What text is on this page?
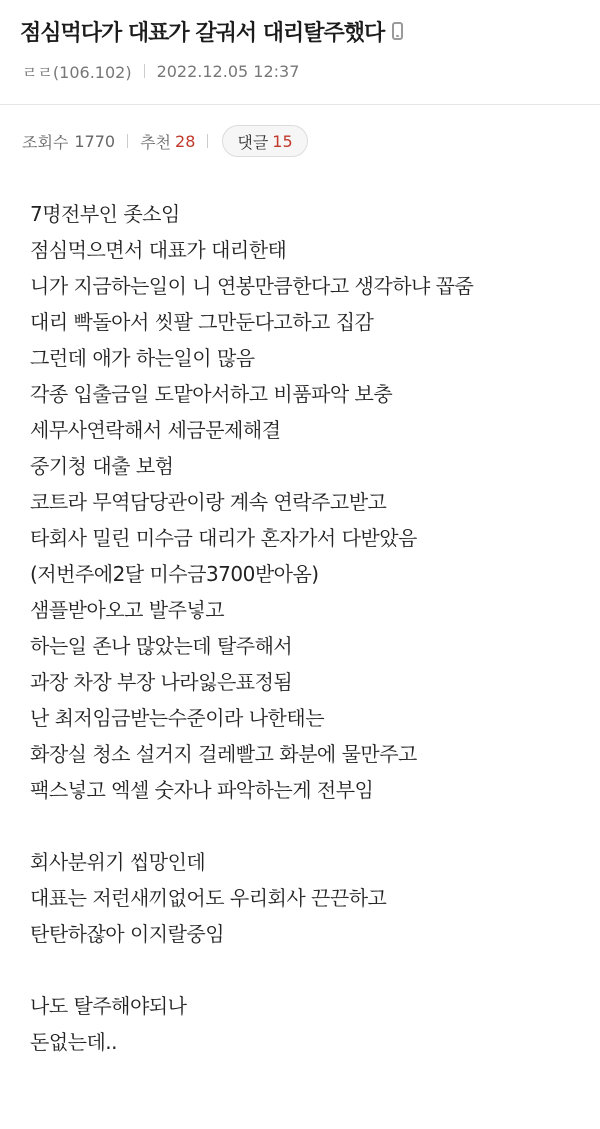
점심먹다가 대표가 갈궈서 대리탈주했다
ㄹㄹ(106.102) 2022.12.05 12:37
조회수 1770 추천 28	댓글 15
7명전부인 좃소임
점심먹으면서 대표가 대리한태
니가 지금하는일이 니 연봉만큼한다고 생각하냐 꼽줌
대리 빡돌아서 씻팔 그만둔다고하고 집감
그런데 애가 하는일이 많음
각종 입출금일 도맡아서하고 비품파악 보충
세무사연락해서 세금문제해결
중기청 대출 보험
코트라 무역담당관이랑 계속 연락주고받고
타회사 밀린 미수금 대리가 혼자가서 다받았음
(저번주에2달 미수금3700받아옴)
샘플받아오고 발주넣고
하는일 존나 많았는데 탈주해서
과장 차장 부장 나라잃은표정됨
난 최저임금받는수준이라 나한태는
화장실 청소 설거지 걸레빨고 화분에 물만주고
팩스넣고 엑셀 숫자나 파악하는게 전부임
회사분위기 씹망인데
대표는 저런새끼없어도 우리회사 끈끈하고
탄탄하잖아 이지랄중임
나도 탈주해야되나
돈없는데..
